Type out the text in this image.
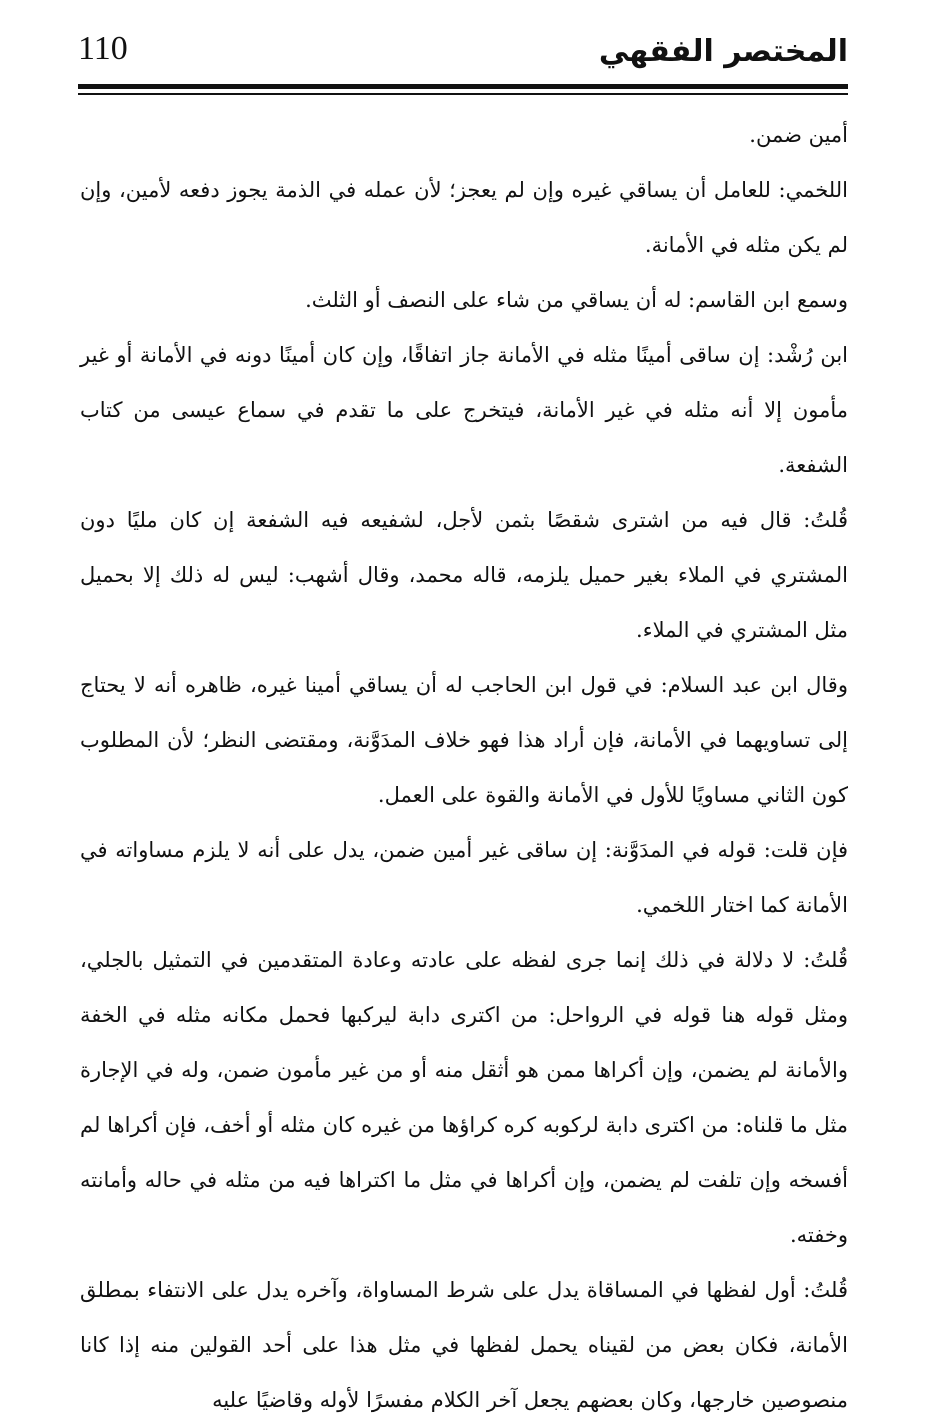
110	المختصر الفقهي

أمين ضمن.

اللخمي: للعامل أن يساقي غيره وإن لم يعجز؛ لأن عمله في الذمة يجوز دفعه لأمين، وإن لم يكن مثله في الأمانة.

وسمع ابن القاسم: له أن يساقي من شاء على النصف أو الثلث.

ابن رُشْد: إن ساقى أمينًا مثله في الأمانة جاز اتفاقًا، وإن كان أمينًا دونه في الأمانة أو غير مأمون إلا أنه مثله في غير الأمانة، فيتخرج على ما تقدم في سماع عيسى من كتاب الشفعة.

قُلتُ: قال فيه من اشترى شقصًا بثمن لأجل، لشفيعه فيه الشفعة إن كان مليًا دون المشتري في الملاء بغير حميل يلزمه، قاله محمد، وقال أشهب: ليس له ذلك إلا بحميل مثل المشتري في الملاء.

وقال ابن عبد السلام: في قول ابن الحاجب له أن يساقي أمينا غيره، ظاهره أنه لا يحتاج إلى تساويهما في الأمانة، فإن أراد هذا فهو خلاف المدَوَّنة، ومقتضى النظر؛ لأن المطلوب كون الثاني مساويًا للأول في الأمانة والقوة على العمل.

فإن قلت: قوله في المدَوَّنة: إن ساقى غير أمين ضمن، يدل على أنه لا يلزم مساواته في الأمانة كما اختار اللخمي.

قُلتُ: لا دلالة في ذلك إنما جرى لفظه على عادته وعادة المتقدمين في التمثيل بالجلي، ومثل قوله هنا قوله في الرواحل: من اكترى دابة ليركبها فحمل مكانه مثله في الخفة والأمانة لم يضمن، وإن أكراها ممن هو أثقل منه أو من غير مأمون ضمن، وله في الإجارة مثل ما قلناه: من اكترى دابة لركوبه كره كراؤها من غيره كان مثله أو أخف، فإن أكراها لم أفسخه وإن تلفت لم يضمن، وإن أكراها في مثل ما اكتراها فيه من مثله في حاله وأمانته وخفته.

قُلتُ: أول لفظها في المساقاة يدل على شرط المساواة، وآخره يدل على الانتفاء بمطلق الأمانة، فكان بعض من لقيناه يحمل لفظها في مثل هذا على أحد القولين منه إذا كانا منصوصين خارجها، وكان بعضهم يجعل آخر الكلام مفسرًا لأوله وقاضيًا عليه
